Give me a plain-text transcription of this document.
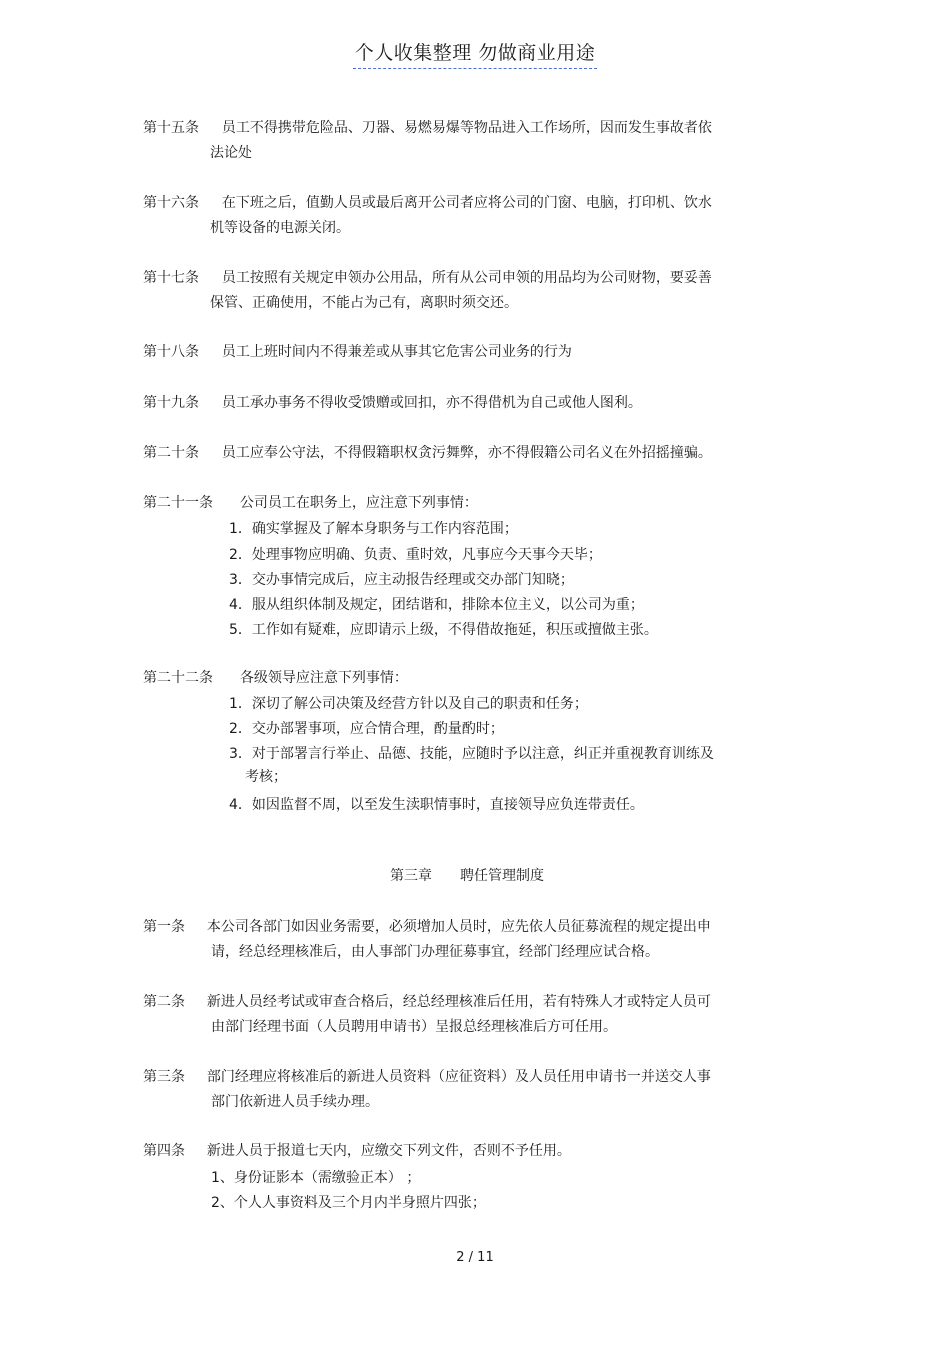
个人收集整理 勿做商业用途
第十五条 员工不得携带危险品、刀器、易燃易爆等物品进入工作场所，因而发生事故者依
法论处
第十六条 在下班之后，值勤人员或最后离开公司者应将公司的门窗、电脑，打印机、饮水
机等设备的电源关闭。
第十七条 员工按照有关规定申领办公用品，所有从公司申领的用品均为公司财物，要妥善
保管、正确使用，不能占为己有，离职时须交还。
第十八条 员工上班时间内不得兼差或从事其它危害公司业务的行为
第十九条 员工承办事务不得收受馈赠或回扣，亦不得借机为自己或他人图利。
第二十条 员工应奉公守法，不得假籍职权贪污舞弊，亦不得假籍公司名义在外招摇撞骗。
第二十一条 公司员工在职务上，应注意下列事情：
1．确实掌握及了解本身职务与工作内容范围；
2．处理事物应明确、负责、重时效，凡事应今天事今天毕；
3．交办事情完成后，应主动报告经理或交办部门知晓；
4．服从组织体制及规定，团结谐和，排除本位主义，以公司为重；
5．工作如有疑难，应即请示上级，不得借故拖延，积压或擅做主张。
第二十二条 各级领导应注意下列事情：
1．深切了解公司决策及经营方针以及自己的职责和任务；
2．交办部署事项，应合情合理，酌量酌时；
3．对于部署言行举止、品德、技能，应随时予以注意，纠正并重视教育训练及
考核；
4．如因监督不周，以至发生渎职情事时，直接领导应负连带责任。
第三章 聘任管理制度
第一条 本公司各部门如因业务需要，必须增加人员时，应先依人员征募流程的规定提出申
请，经总经理核准后，由人事部门办理征募事宜，经部门经理应试合格。
第二条 新进人员经考试或审查合格后，经总经理核准后任用，若有特殊人才或特定人员可
由部门经理书面（人员聘用申请书）呈报总经理核准后方可任用。
第三条 部门经理应将核准后的新进人员资料（应征资料）及人员任用申请书一并送交人事
部门依新进人员手续办理。
第四条 新进人员于报道七天内，应缴交下列文件，否则不予任用。
1、身份证影本（需缴验正本） ；
2、个人人事资料及三个月内半身照片四张；
2 / 11
